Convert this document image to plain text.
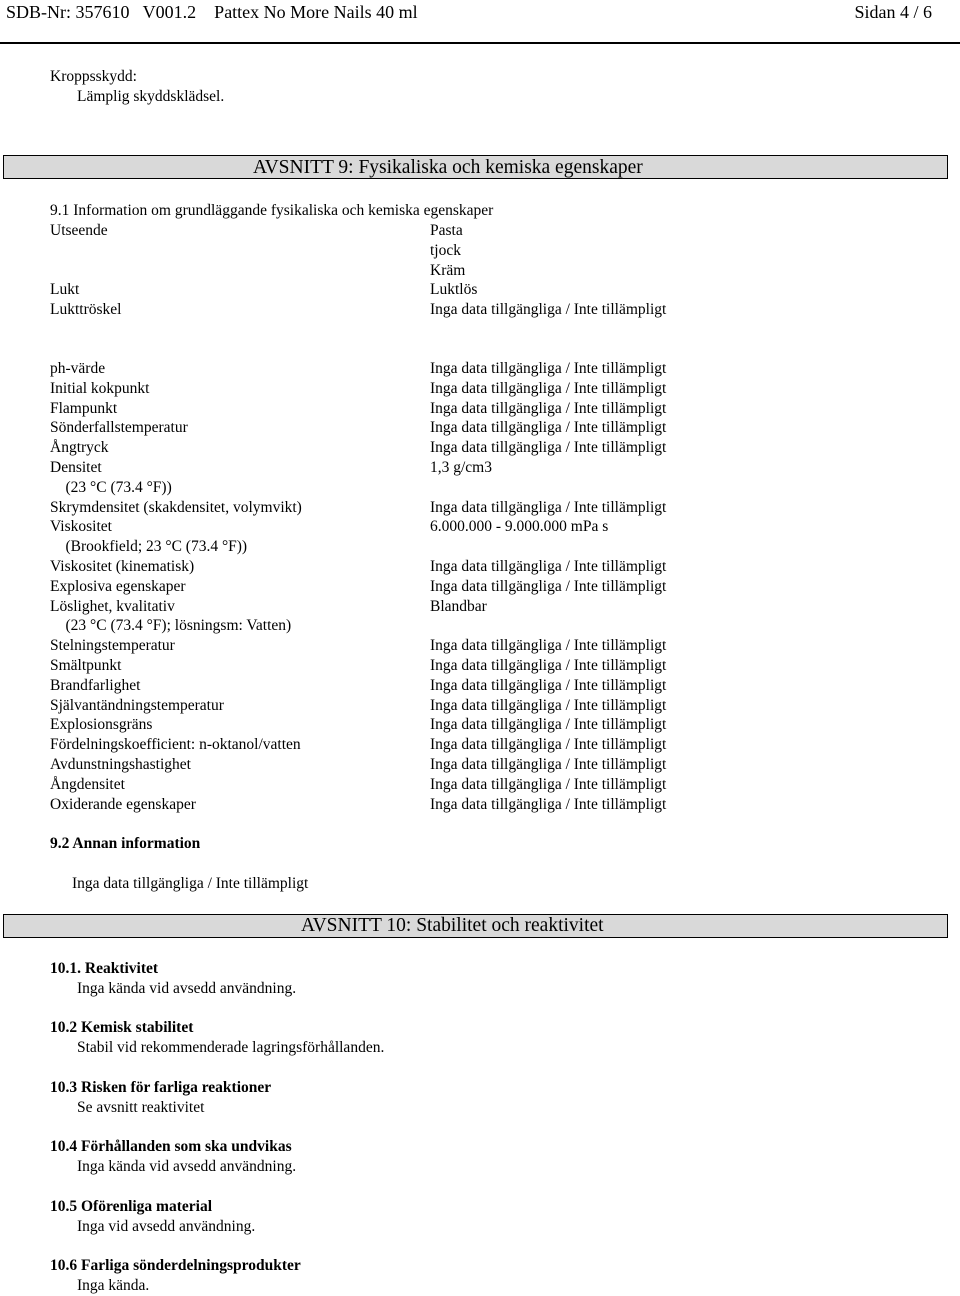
SDB-Nr: 357610   V001.2    Pattex No More Nails 40 ml	Sidan 4 / 6
Kroppsskydd:
Lämplig skyddsklädsel.
AVSNITT 9: Fysikaliska och kemiska egenskaper
9.1 Information om grundläggande fysikaliska och kemiska egenskaper
Utseende	Pasta
tjock
Kräm
Lukt	Luktlös
Lukttröskel	Inga data tillgängliga / Inte tillämpligt
ph-värde	Inga data tillgängliga / Inte tillämpligt
Initial kokpunkt	Inga data tillgängliga / Inte tillämpligt
Flampunkt	Inga data tillgängliga / Inte tillämpligt
Sönderfallstemperatur	Inga data tillgängliga / Inte tillämpligt
Ångtryck	Inga data tillgängliga / Inte tillämpligt
Densitet	1,3 g/cm3
(23 °C (73.4 °F))
Skrymdensitet (skakdensitet, volymvikt)	Inga data tillgängliga / Inte tillämpligt
Viskositet	6.000.000 - 9.000.000 mPa s
(Brookfield; 23 °C (73.4 °F))
Viskositet (kinematisk)	Inga data tillgängliga / Inte tillämpligt
Explosiva egenskaper	Inga data tillgängliga / Inte tillämpligt
Löslighet, kvalitativ	Blandbar
(23 °C (73.4 °F); lösningsm: Vatten)
Stelningstemperatur	Inga data tillgängliga / Inte tillämpligt
Smältpunkt	Inga data tillgängliga / Inte tillämpligt
Brandfarlighet	Inga data tillgängliga / Inte tillämpligt
Självantändningstemperatur	Inga data tillgängliga / Inte tillämpligt
Explosionsgräns	Inga data tillgängliga / Inte tillämpligt
Fördelningskoefficient: n-oktanol/vatten	Inga data tillgängliga / Inte tillämpligt
Avdunstningshastighet	Inga data tillgängliga / Inte tillämpligt
Ångdensitet	Inga data tillgängliga / Inte tillämpligt
Oxiderande egenskaper	Inga data tillgängliga / Inte tillämpligt
9.2 Annan information
Inga data tillgängliga / Inte tillämpligt
AVSNITT 10: Stabilitet och reaktivitet
10.1. Reaktivitet
Inga kända vid avsedd användning.
10.2 Kemisk stabilitet
Stabil vid rekommenderade lagringsförhållanden.
10.3 Risken för farliga reaktioner
Se avsnitt reaktivitet
10.4 Förhållanden som ska undvikas
Inga kända vid avsedd användning.
10.5 Oförenliga material
Inga vid avsedd användning.
10.6 Farliga sönderdelningsprodukter
Inga kända.
